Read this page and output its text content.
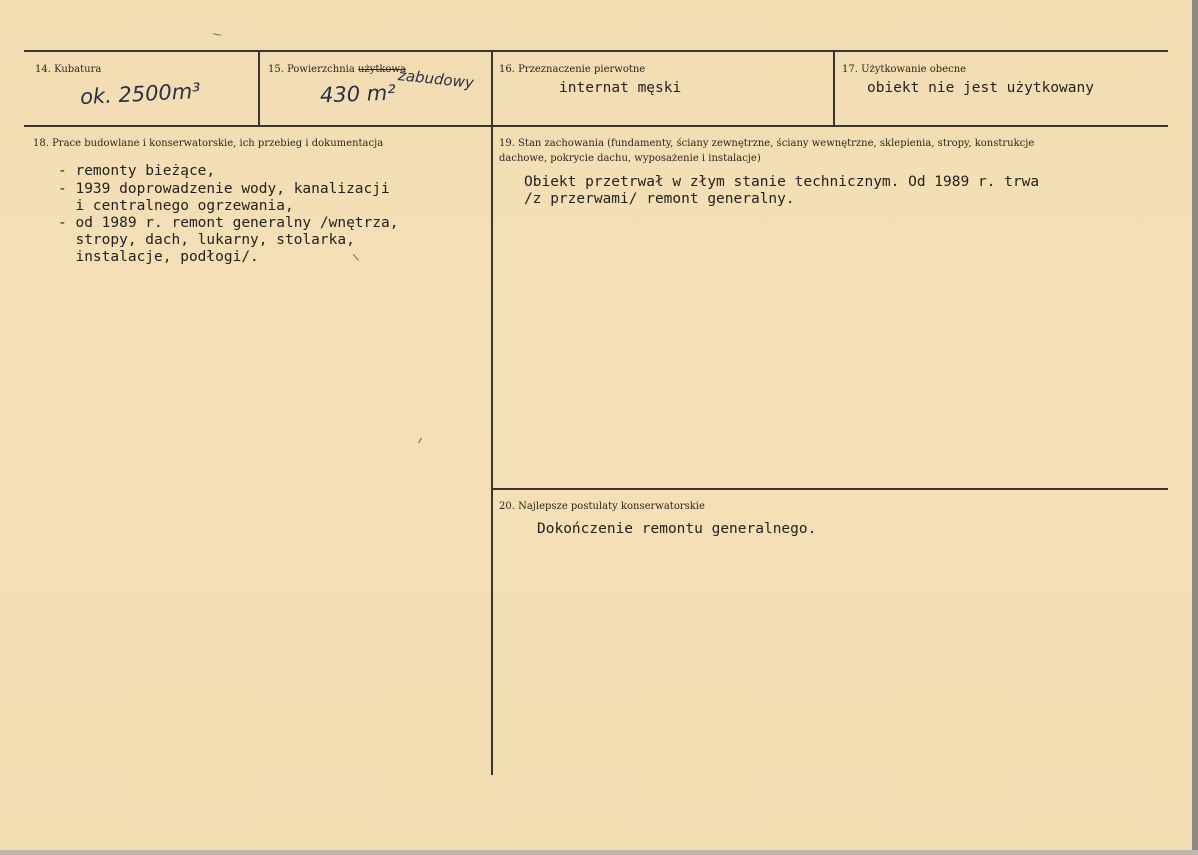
14. Kubatura
ok. 2500m³
15. Powierzchnia użytkowa
zabudowy
430 m²
16. Przeznaczenie pierwotne
internat męski
17. Użytkowanie obecne
obiekt nie jest użytkowany
18. Prace budowlane i konserwatorskie, ich przebieg i dokumentacja
- remonty bieżące,
- 1939 doprowadzenie wody, kanalizacji
i centralnego ogrzewania,
- od 1989 r. remont generalny /wnętrza,
stropy, dach, lukarny, stolarka,
instalacje, podłogi/.
19. Stan zachowania (fundamenty, ściany zewnętrzne, ściany wewnętrzne, sklepienia, stropy, konstrukcje
dachowe, pokrycie dachu, wyposażenie i instalacje)
Obiekt przetrwał w złym stanie technicznym. Od 1989 r. trwa
/z przerwami/ remont generalny.
20. Najlepsze postulaty konserwatorskie
Dokończenie remontu generalnego.
